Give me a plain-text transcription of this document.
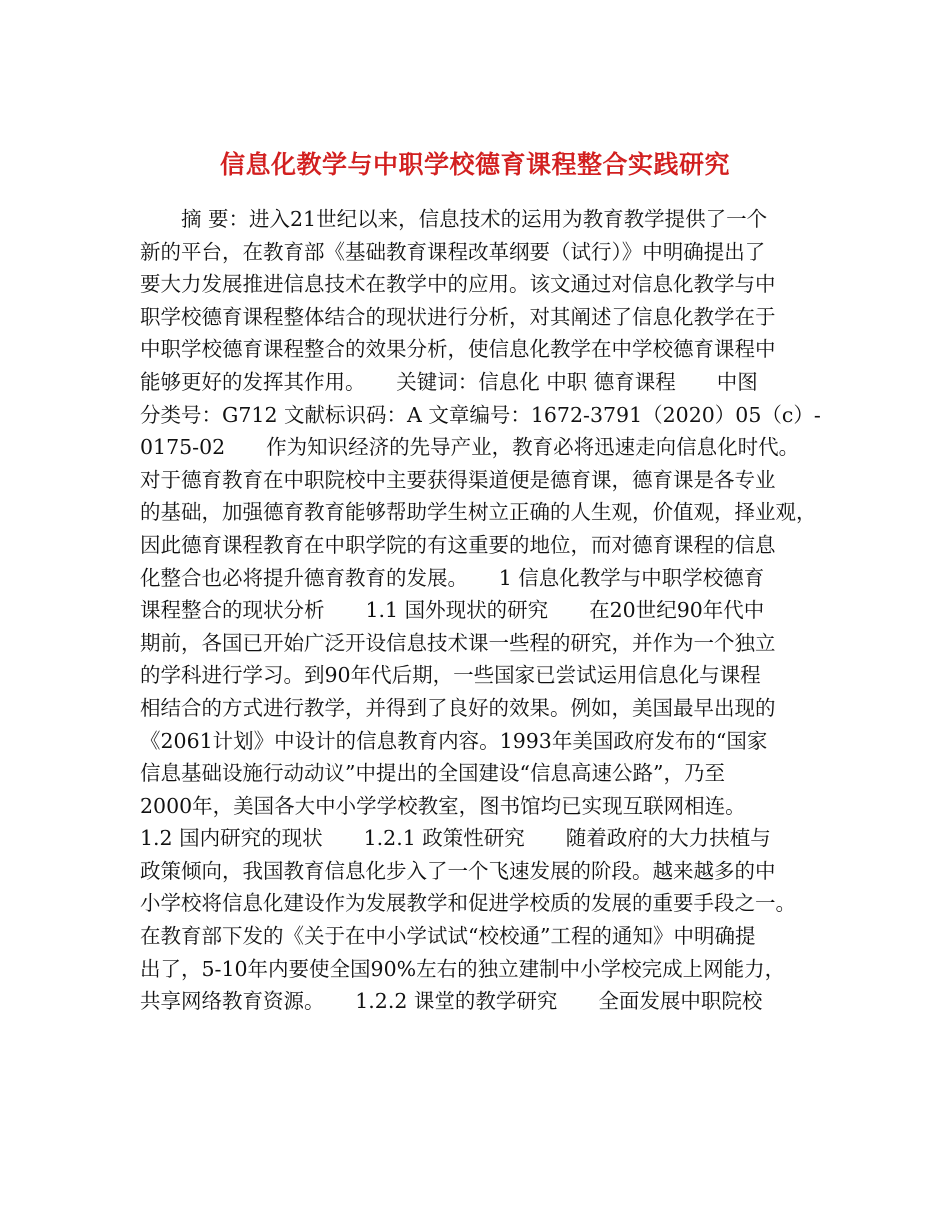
信息化教学与中职学校德育课程整合实践研究
　　摘 要：进入21世纪以来，信息技术的运用为教育教学提供了一个
新的平台，在教育部《基础教育课程改革纲要（试行）》中明确提出了
要大力发展推进信息技术在教学中的应用。该文通过对信息化教学与中
职学校德育课程整体结合的现状进行分析，对其阐述了信息化教学在于
中职学校德育课程整合的效果分析，使信息化教学在中学校德育课程中
能够更好的发挥其作用。　　关键词：信息化 中职 德育课程　　中图
分类号：G712 文献标识码：A 文章编号：1672-3791（2020）05（c）-
0175-02　　作为知识经济的先导产业，教育必将迅速走向信息化时代。
对于德育教育在中职院校中主要获得渠道便是德育课，德育课是各专业
的基础，加强德育教育能够帮助学生树立正确的人生观，价值观，择业观，
因此德育课程教育在中职学院的有这重要的地位，而对德育课程的信息
化整合也必将提升德育教育的发展。　　1 信息化教学与中职学校德育
课程整合的现状分析　　1.1 国外现状的研究　　在20世纪90年代中
期前，各国已开始广泛开设信息技术课一些程的研究，并作为一个独立
的学科进行学习。到90年代后期，一些国家已尝试运用信息化与课程
相结合的方式进行教学，并得到了良好的效果。例如，美国最早出现的
《2061计划》中设计的信息教育内容。1993年美国政府发布的“国家
信息基础设施行动动议”中提出的全国建设“信息高速公路”，乃至
2000年，美国各大中小学学校教室，图书馆均已实现互联网相连。
1.2 国内研究的现状　　1.2.1 政策性研究　　随着政府的大力扶植与
政策倾向，我国教育信息化步入了一个飞速发展的阶段。越来越多的中
小学校将信息化建设作为发展教学和促进学校质的发展的重要手段之一。
在教育部下发的《关于在中小学试试“校校通”工程的通知》中明确提
出了，5-10年内要使全国90%左右的独立建制中小学校完成上网能力，
共享网络教育资源。　　1.2.2 课堂的教学研究　　全面发展中职院校
